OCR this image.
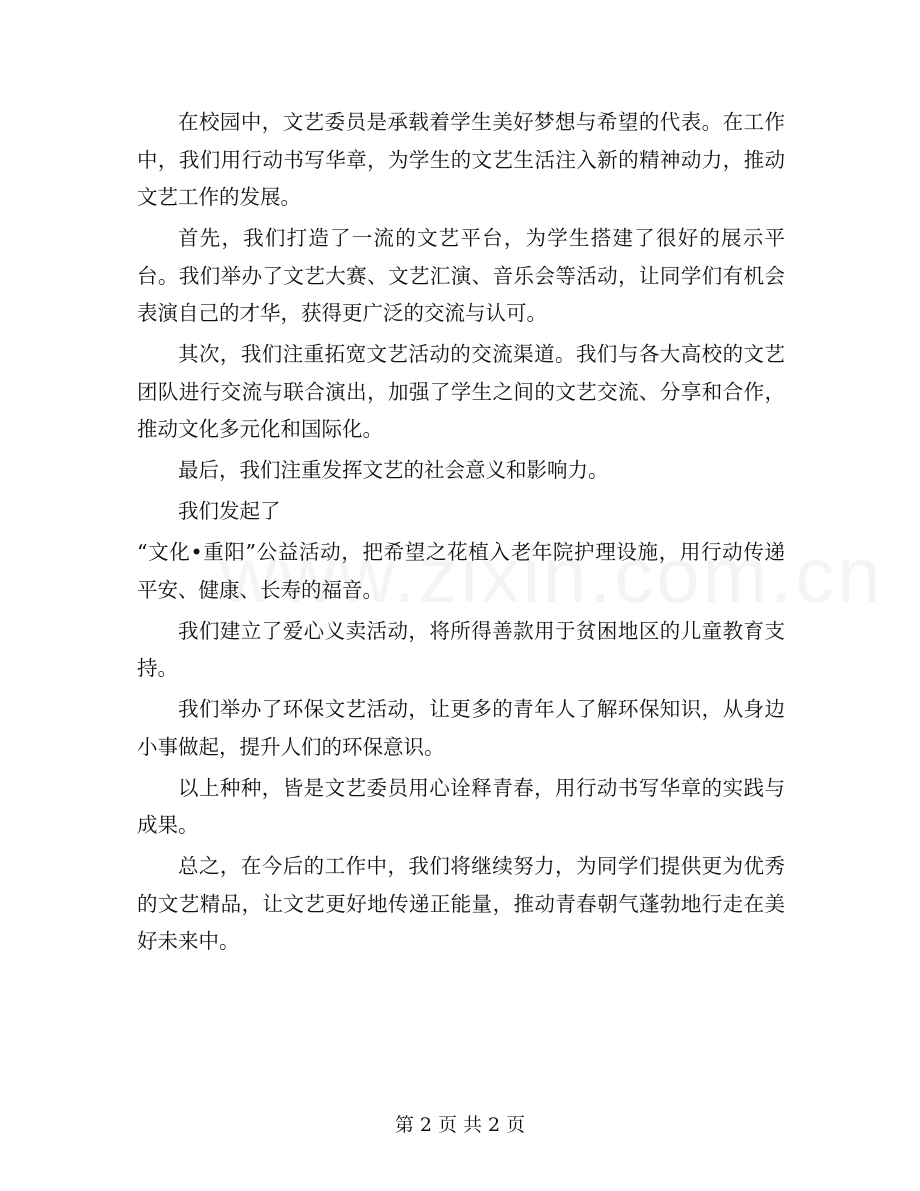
在校园中，文艺委员是承载着学生美好梦想与希望的代表。在工作中，我们用行动书写华章，为学生的文艺生活注入新的精神动力，推动文艺工作的发展。

首先，我们打造了一流的文艺平台，为学生搭建了很好的展示平台。我们举办了文艺大赛、文艺汇演、音乐会等活动，让同学们有机会表演自己的才华，获得更广泛的交流与认可。

其次，我们注重拓宽文艺活动的交流渠道。我们与各大高校的文艺团队进行交流与联合演出，加强了学生之间的文艺交流、分享和合作，推动文化多元化和国际化。

最后，我们注重发挥文艺的社会意义和影响力。

我们发起了

“文化•重阳”公益活动，把希望之花植入老年院护理设施，用行动传递平安、健康、长寿的福音。

我们建立了爱心义卖活动，将所得善款用于贫困地区的儿童教育支持。

我们举办了环保文艺活动，让更多的青年人了解环保知识，从身边小事做起，提升人们的环保意识。

以上种种，皆是文艺委员用心诠释青春，用行动书写华章的实践与成果。

总之，在今后的工作中，我们将继续努力，为同学们提供更为优秀的文艺精品，让文艺更好地传递正能量，推动青春朝气蓬勃地行走在美好未来中。

第 2 页 共 2 页
